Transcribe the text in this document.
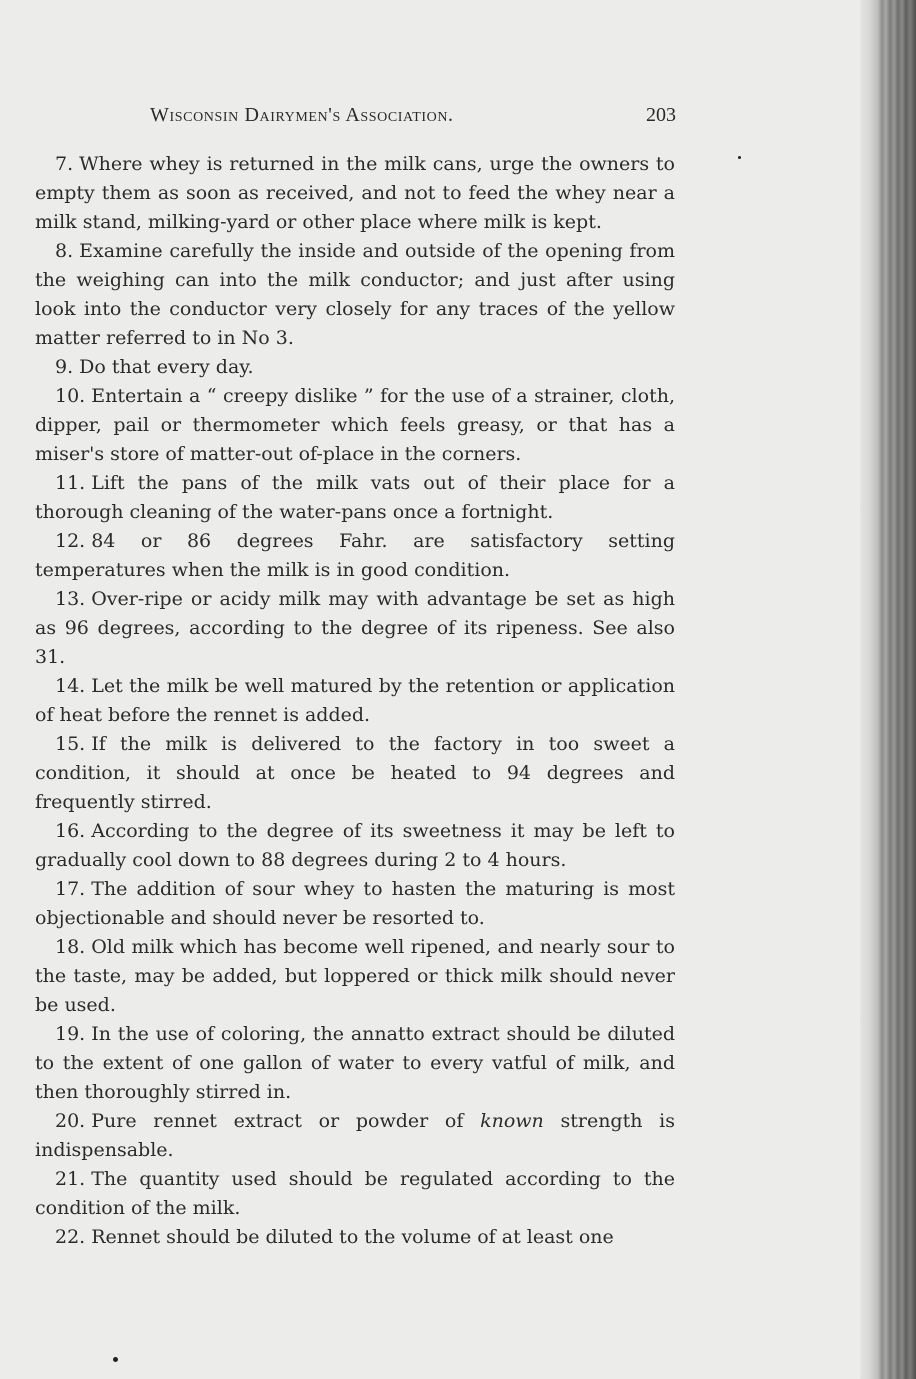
Wisconsin Dairymen's Association.	203

7. Where whey is returned in the milk cans, urge the owners to empty them as soon as received, and not to feed the whey near a milk stand, milking-yard or other place where milk is kept.

8. Examine carefully the inside and outside of the opening from the weighing can into the milk conductor; and just after using look into the conductor very closely for any traces of the yellow matter referred to in No 3.

9. Do that every day.

10. Entertain a “ creepy dislike ” for the use of a strainer, cloth, dipper, pail or thermometer which feels greasy, or that has a miser's store of matter-out of-place in the corners.

11. Lift the pans of the milk vats out of their place for a thorough cleaning of the water-pans once a fortnight.

12. 84 or 86 degrees Fahr. are satisfactory setting temperatures when the milk is in good condition.

13. Over-ripe or acidy milk may with advantage be set as high as 96 degrees, according to the degree of its ripeness. See also 31.

14. Let the milk be well matured by the retention or application of heat before the rennet is added.

15. If the milk is delivered to the factory in too sweet a condition, it should at once be heated to 94 degrees and frequently stirred.

16. According to the degree of its sweetness it may be left to gradually cool down to 88 degrees during 2 to 4 hours.

17. The addition of sour whey to hasten the maturing is most objectionable and should never be resorted to.

18. Old milk which has become well ripened, and nearly sour to the taste, may be added, but loppered or thick milk should never be used.

19. In the use of coloring, the annatto extract should be diluted to the extent of one gallon of water to every vatful of milk, and then thoroughly stirred in.

20. Pure rennet extract or powder of known strength is indispensable.

21. The quantity used should be regulated according to the condition of the milk.

22. Rennet should be diluted to the volume of at least one
